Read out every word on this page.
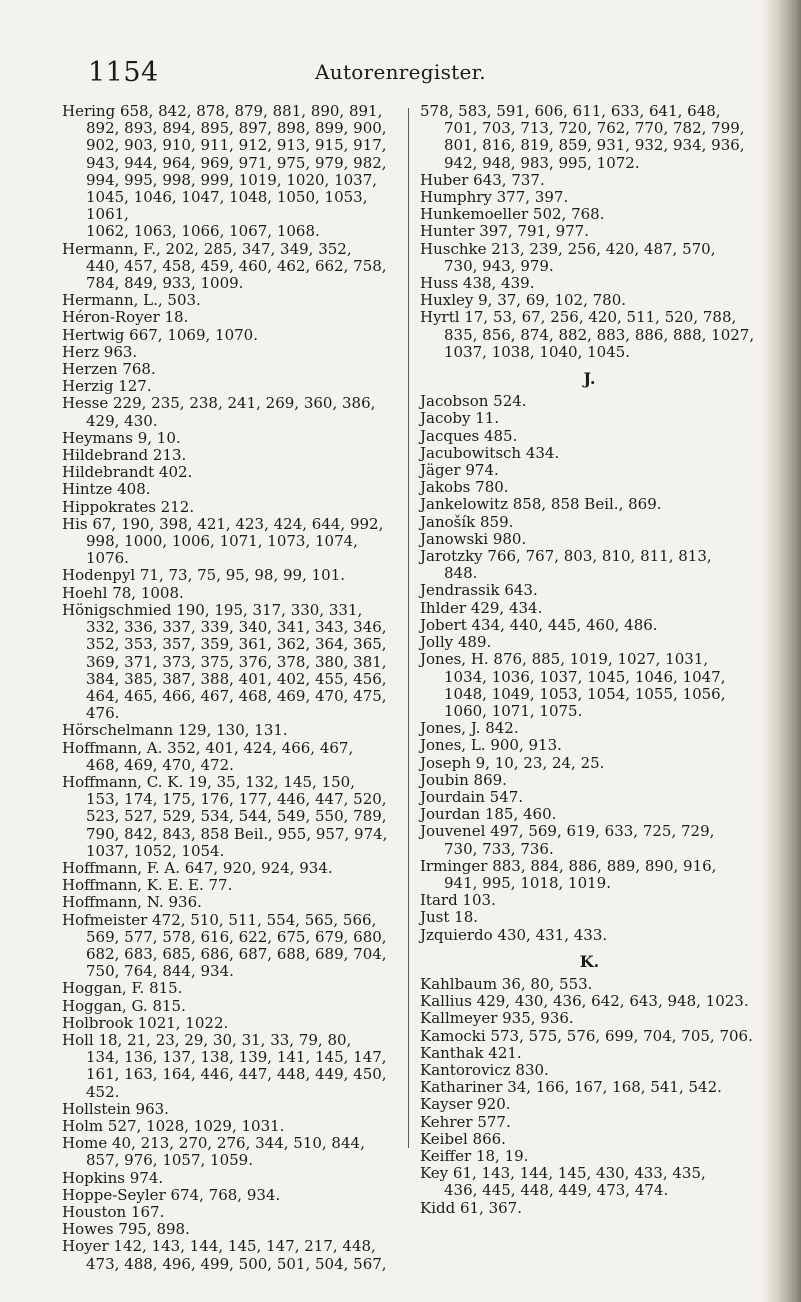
1154	Autorenregister.
Hering 658, 842, 878, 879, 881, 890, 891,
892, 893, 894, 895, 897, 898, 899, 900,
902, 903, 910, 911, 912, 913, 915, 917,
943, 944, 964, 969, 971, 975, 979, 982,
994, 995, 998, 999, 1019, 1020, 1037,
1045, 1046, 1047, 1048, 1050, 1053, 1061,
1062, 1063, 1066, 1067, 1068.
Hermann, F., 202, 285, 347, 349, 352,
440, 457, 458, 459, 460, 462, 662, 758,
784, 849, 933, 1009.
Hermann, L., 503.
Héron-Royer 18.
Hertwig 667, 1069, 1070.
Herz 963.
Herzen 768.
Herzig 127.
Hesse 229, 235, 238, 241, 269, 360, 386,
429, 430.
Heymans 9, 10.
Hildebrand 213.
Hildebrandt 402.
Hintze 408.
Hippokrates 212.
His 67, 190, 398, 421, 423, 424, 644, 992,
998, 1000, 1006, 1071, 1073, 1074, 1076.
Hodenpyl 71, 73, 75, 95, 98, 99, 101.
Hoehl 78, 1008.
Hönigschmied 190, 195, 317, 330, 331,
332, 336, 337, 339, 340, 341, 343, 346,
352, 353, 357, 359, 361, 362, 364, 365,
369, 371, 373, 375, 376, 378, 380, 381,
384, 385, 387, 388, 401, 402, 455, 456,
464, 465, 466, 467, 468, 469, 470, 475,
476.
Hörschelmann 129, 130, 131.
Hoffmann, A. 352, 401, 424, 466, 467,
468, 469, 470, 472.
Hoffmann, C. K. 19, 35, 132, 145, 150,
153, 174, 175, 176, 177, 446, 447, 520,
523, 527, 529, 534, 544, 549, 550, 789,
790, 842, 843, 858 Beil., 955, 957, 974,
1037, 1052, 1054.
Hoffmann, F. A. 647, 920, 924, 934.
Hoffmann, K. E. E. 77.
Hoffmann, N. 936.
Hofmeister 472, 510, 511, 554, 565, 566,
569, 577, 578, 616, 622, 675, 679, 680,
682, 683, 685, 686, 687, 688, 689, 704,
750, 764, 844, 934.
Hoggan, F. 815.
Hoggan, G. 815.
Holbrook 1021, 1022.
Holl 18, 21, 23, 29, 30, 31, 33, 79, 80,
134, 136, 137, 138, 139, 141, 145, 147,
161, 163, 164, 446, 447, 448, 449, 450,
452.
Hollstein 963.
Holm 527, 1028, 1029, 1031.
Home 40, 213, 270, 276, 344, 510, 844,
857, 976, 1057, 1059.
Hopkins 974.
Hoppe-Seyler 674, 768, 934.
Houston 167.
Howes 795, 898.
Hoyer 142, 143, 144, 145, 147, 217, 448,
473, 488, 496, 499, 500, 501, 504, 567,
578, 583, 591, 606, 611, 633, 641, 648,
701, 703, 713, 720, 762, 770, 782, 799,
801, 816, 819, 859, 931, 932, 934, 936,
942, 948, 983, 995, 1072.
Huber 643, 737.
Humphry 377, 397.
Hunkemoeller 502, 768.
Hunter 397, 791, 977.
Huschke 213, 239, 256, 420, 487, 570,
730, 943, 979.
Huss 438, 439.
Huxley 9, 37, 69, 102, 780.
Hyrtl 17, 53, 67, 256, 420, 511, 520, 788,
835, 856, 874, 882, 883, 886, 888, 1027,
1037, 1038, 1040, 1045.
J.
Jacobson 524.
Jacoby 11.
Jacques 485.
Jacubowitsch 434.
Jäger 974.
Jakobs 780.
Jankelowitz 858, 858 Beil., 869.
Janošík 859.
Janowski 980.
Jarotzky 766, 767, 803, 810, 811, 813,
848.
Jendrassik 643.
Ihlder 429, 434.
Jobert 434, 440, 445, 460, 486.
Jolly 489.
Jones, H. 876, 885, 1019, 1027, 1031,
1034, 1036, 1037, 1045, 1046, 1047,
1048, 1049, 1053, 1054, 1055, 1056,
1060, 1071, 1075.
Jones, J. 842.
Jones, L. 900, 913.
Joseph 9, 10, 23, 24, 25.
Joubin 869.
Jourdain 547.
Jourdan 185, 460.
Jouvenel 497, 569, 619, 633, 725, 729,
730, 733, 736.
Irminger 883, 884, 886, 889, 890, 916,
941, 995, 1018, 1019.
Itard 103.
Just 18.
Jzquierdo 430, 431, 433.
K.
Kahlbaum 36, 80, 553.
Kallius 429, 430, 436, 642, 643, 948, 1023.
Kallmeyer 935, 936.
Kamocki 573, 575, 576, 699, 704, 705, 706.
Kanthak 421.
Kantorovicz 830.
Kathariner 34, 166, 167, 168, 541, 542.
Kayser 920.
Kehrer 577.
Keibel 866.
Keiffer 18, 19.
Key 61, 143, 144, 145, 430, 433, 435,
436, 445, 448, 449, 473, 474.
Kidd 61, 367.
